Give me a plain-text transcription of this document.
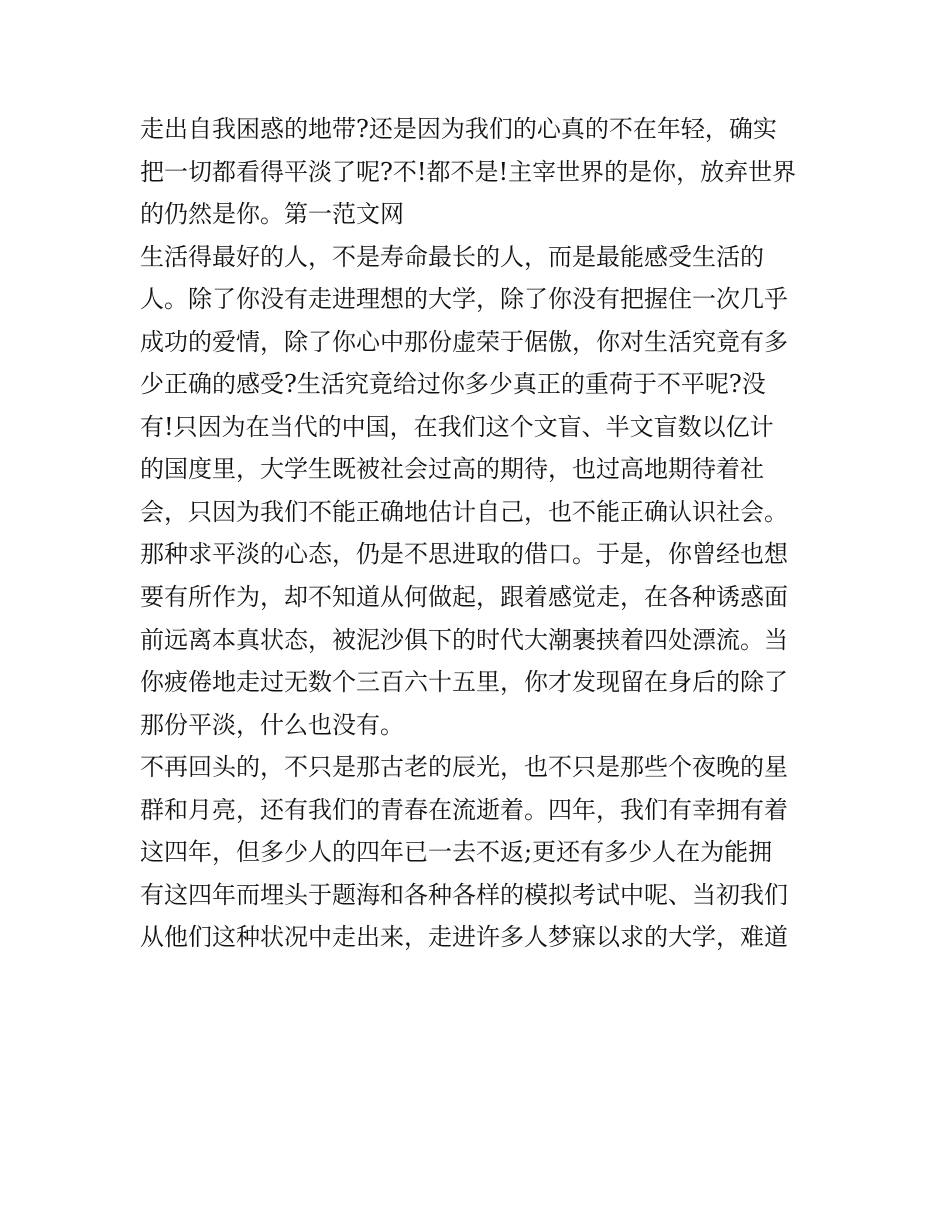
走出自我困惑的地带?还是因为我们的心真的不在年轻，确实
把一切都看得平淡了呢?不!都不是!主宰世界的是你，放弃世界
的仍然是你。第一范文网
生活得最好的人，不是寿命最长的人，而是最能感受生活的
人。除了你没有走进理想的大学，除了你没有把握住一次几乎
成功的爱情，除了你心中那份虚荣于倨傲，你对生活究竟有多
少正确的感受?生活究竟给过你多少真正的重荷于不平呢?没
有!只因为在当代的中国，在我们这个文盲、半文盲数以亿计
的国度里，大学生既被社会过高的期待，也过高地期待着社
会，只因为我们不能正确地估计自己，也不能正确认识社会。
那种求平淡的心态，仍是不思进取的借口。于是，你曾经也想
要有所作为，却不知道从何做起，跟着感觉走，在各种诱惑面
前远离本真状态，被泥沙俱下的时代大潮裹挟着四处漂流。当
你疲倦地走过无数个三百六十五里，你才发现留在身后的除了
那份平淡，什么也没有。
不再回头的，不只是那古老的辰光，也不只是那些个夜晚的星
群和月亮，还有我们的青春在流逝着。四年，我们有幸拥有着
这四年，但多少人的四年已一去不返;更还有多少人在为能拥
有这四年而埋头于题海和各种各样的模拟考试中呢、当初我们
从他们这种状况中走出来，走进许多人梦寐以求的大学，难道
